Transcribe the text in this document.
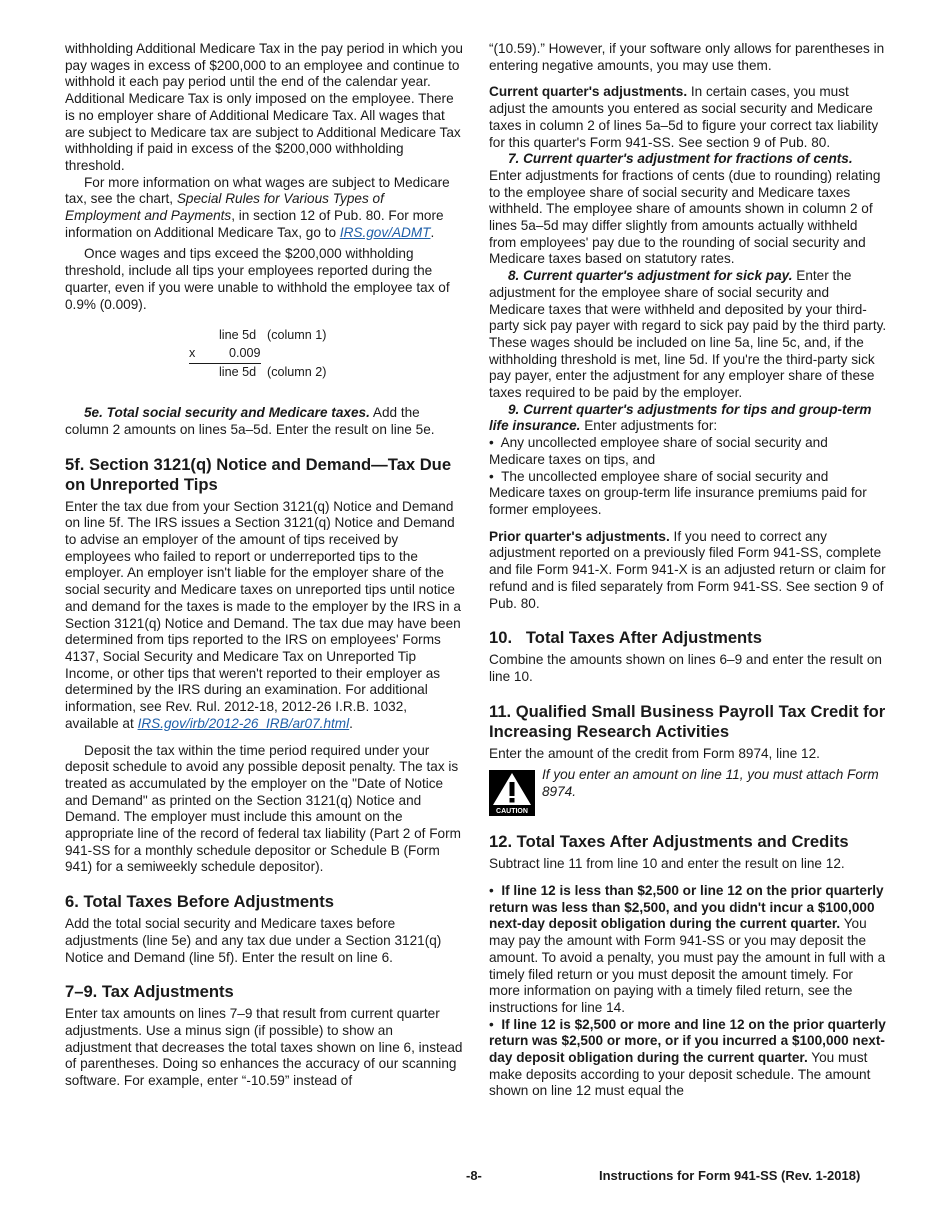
withholding Additional Medicare Tax in the pay period in which you pay wages in excess of $200,000 to an employee and continue to withhold it each pay period until the end of the calendar year. Additional Medicare Tax is only imposed on the employee. There is no employer share of Additional Medicare Tax. All wages that are subject to Medicare tax are subject to Additional Medicare Tax withholding if paid in excess of the $200,000 withholding threshold.

For more information on what wages are subject to Medicare tax, see the chart, Special Rules for Various Types of Employment and Payments, in section 12 of Pub. 80. For more information on Additional Medicare Tax, go to IRS.gov/ADMT.

Once wages and tips exceed the $200,000 withholding threshold, include all tips your employees reported during the quarter, even if you were unable to withhold the employee tax of 0.9% (0.009).

line 5d (column 1)
x	0.009
line 5d (column 2)

5e. Total social security and Medicare taxes. Add the column 2 amounts on lines 5a–5d. Enter the result on line 5e.

5f. Section 3121(q) Notice and Demand—Tax Due on Unreported Tips

Enter the tax due from your Section 3121(q) Notice and Demand on line 5f. The IRS issues a Section 3121(q) Notice and Demand to advise an employer of the amount of tips received by employees who failed to report or underreported tips to the employer. An employer isn't liable for the employer share of the social security and Medicare taxes on unreported tips until notice and demand for the taxes is made to the employer by the IRS in a Section 3121(q) Notice and Demand. The tax due may have been determined from tips reported to the IRS on employees' Forms 4137, Social Security and Medicare Tax on Unreported Tip Income, or other tips that weren't reported to their employer as determined by the IRS during an examination. For additional information, see Rev. Rul. 2012-18, 2012-26 I.R.B. 1032, available at IRS.gov/irb/2012-26_IRB/ar07.html.

Deposit the tax within the time period required under your deposit schedule to avoid any possible deposit penalty. The tax is treated as accumulated by the employer on the "Date of Notice and Demand" as printed on the Section 3121(q) Notice and Demand. The employer must include this amount on the appropriate line of the record of federal tax liability (Part 2 of Form 941-SS for a monthly schedule depositor or Schedule B (Form 941) for a semiweekly schedule depositor).

6. Total Taxes Before Adjustments

Add the total social security and Medicare taxes before adjustments (line 5e) and any tax due under a Section 3121(q) Notice and Demand (line 5f). Enter the result on line 6.

7–9. Tax Adjustments

Enter tax amounts on lines 7–9 that result from current quarter adjustments. Use a minus sign (if possible) to show an adjustment that decreases the total taxes shown on line 6, instead of parentheses. Doing so enhances the accuracy of our scanning software. For example, enter “-10.59” instead of

“(10.59).” However, if your software only allows for parentheses in entering negative amounts, you may use them.

Current quarter's adjustments. In certain cases, you must adjust the amounts you entered as social security and Medicare taxes in column 2 of lines 5a–5d to figure your correct tax liability for this quarter's Form 941-SS. See section 9 of Pub. 80.

7. Current quarter's adjustment for fractions of cents. Enter adjustments for fractions of cents (due to rounding) relating to the employee share of social security and Medicare taxes withheld. The employee share of amounts shown in column 2 of lines 5a–5d may differ slightly from amounts actually withheld from employees' pay due to the rounding of social security and Medicare taxes based on statutory rates.

8. Current quarter's adjustment for sick pay. Enter the adjustment for the employee share of social security and Medicare taxes that were withheld and deposited by your third-party sick pay payer with regard to sick pay paid by the third party. These wages should be included on line 5a, line 5c, and, if the withholding threshold is met, line 5d. If you're the third-party sick pay payer, enter the adjustment for any employer share of these taxes required to be paid by the employer.

9. Current quarter's adjustments for tips and group-term life insurance. Enter adjustments for:

•  Any uncollected employee share of social security and Medicare taxes on tips, and

•  The uncollected employee share of social security and Medicare taxes on group-term life insurance premiums paid for former employees.

Prior quarter's adjustments. If you need to correct any adjustment reported on a previously filed Form 941-SS, complete and file Form 941-X. Form 941-X is an adjusted return or claim for refund and is filed separately from Form 941-SS. See section 9 of Pub. 80.

10.   Total Taxes After Adjustments

Combine the amounts shown on lines 6–9 and enter the result on line 10.

11. Qualified Small Business Payroll Tax Credit for Increasing Research Activities

Enter the amount of the credit from Form 8974, line 12.

CAUTION

If you enter an amount on line 11, you must attach Form 8974.

12. Total Taxes After Adjustments and Credits

Subtract line 11 from line 10 and enter the result on line 12.

•  If line 12 is less than $2,500 or line 12 on the prior quarterly return was less than $2,500, and you didn't incur a $100,000 next-day deposit obligation during the current quarter. You may pay the amount with Form 941-SS or you may deposit the amount. To avoid a penalty, you must pay the amount in full with a timely filed return or you must deposit the amount timely. For more information on paying with a timely filed return, see the instructions for line 14.

•  If line 12 is $2,500 or more and line 12 on the prior quarterly return was $2,500 or more, or if you incurred a $100,000 next-day deposit obligation during the current quarter. You must make deposits according to your deposit schedule. The amount shown on line 12 must equal the

-8-	Instructions for Form 941-SS (Rev. 1-2018)
